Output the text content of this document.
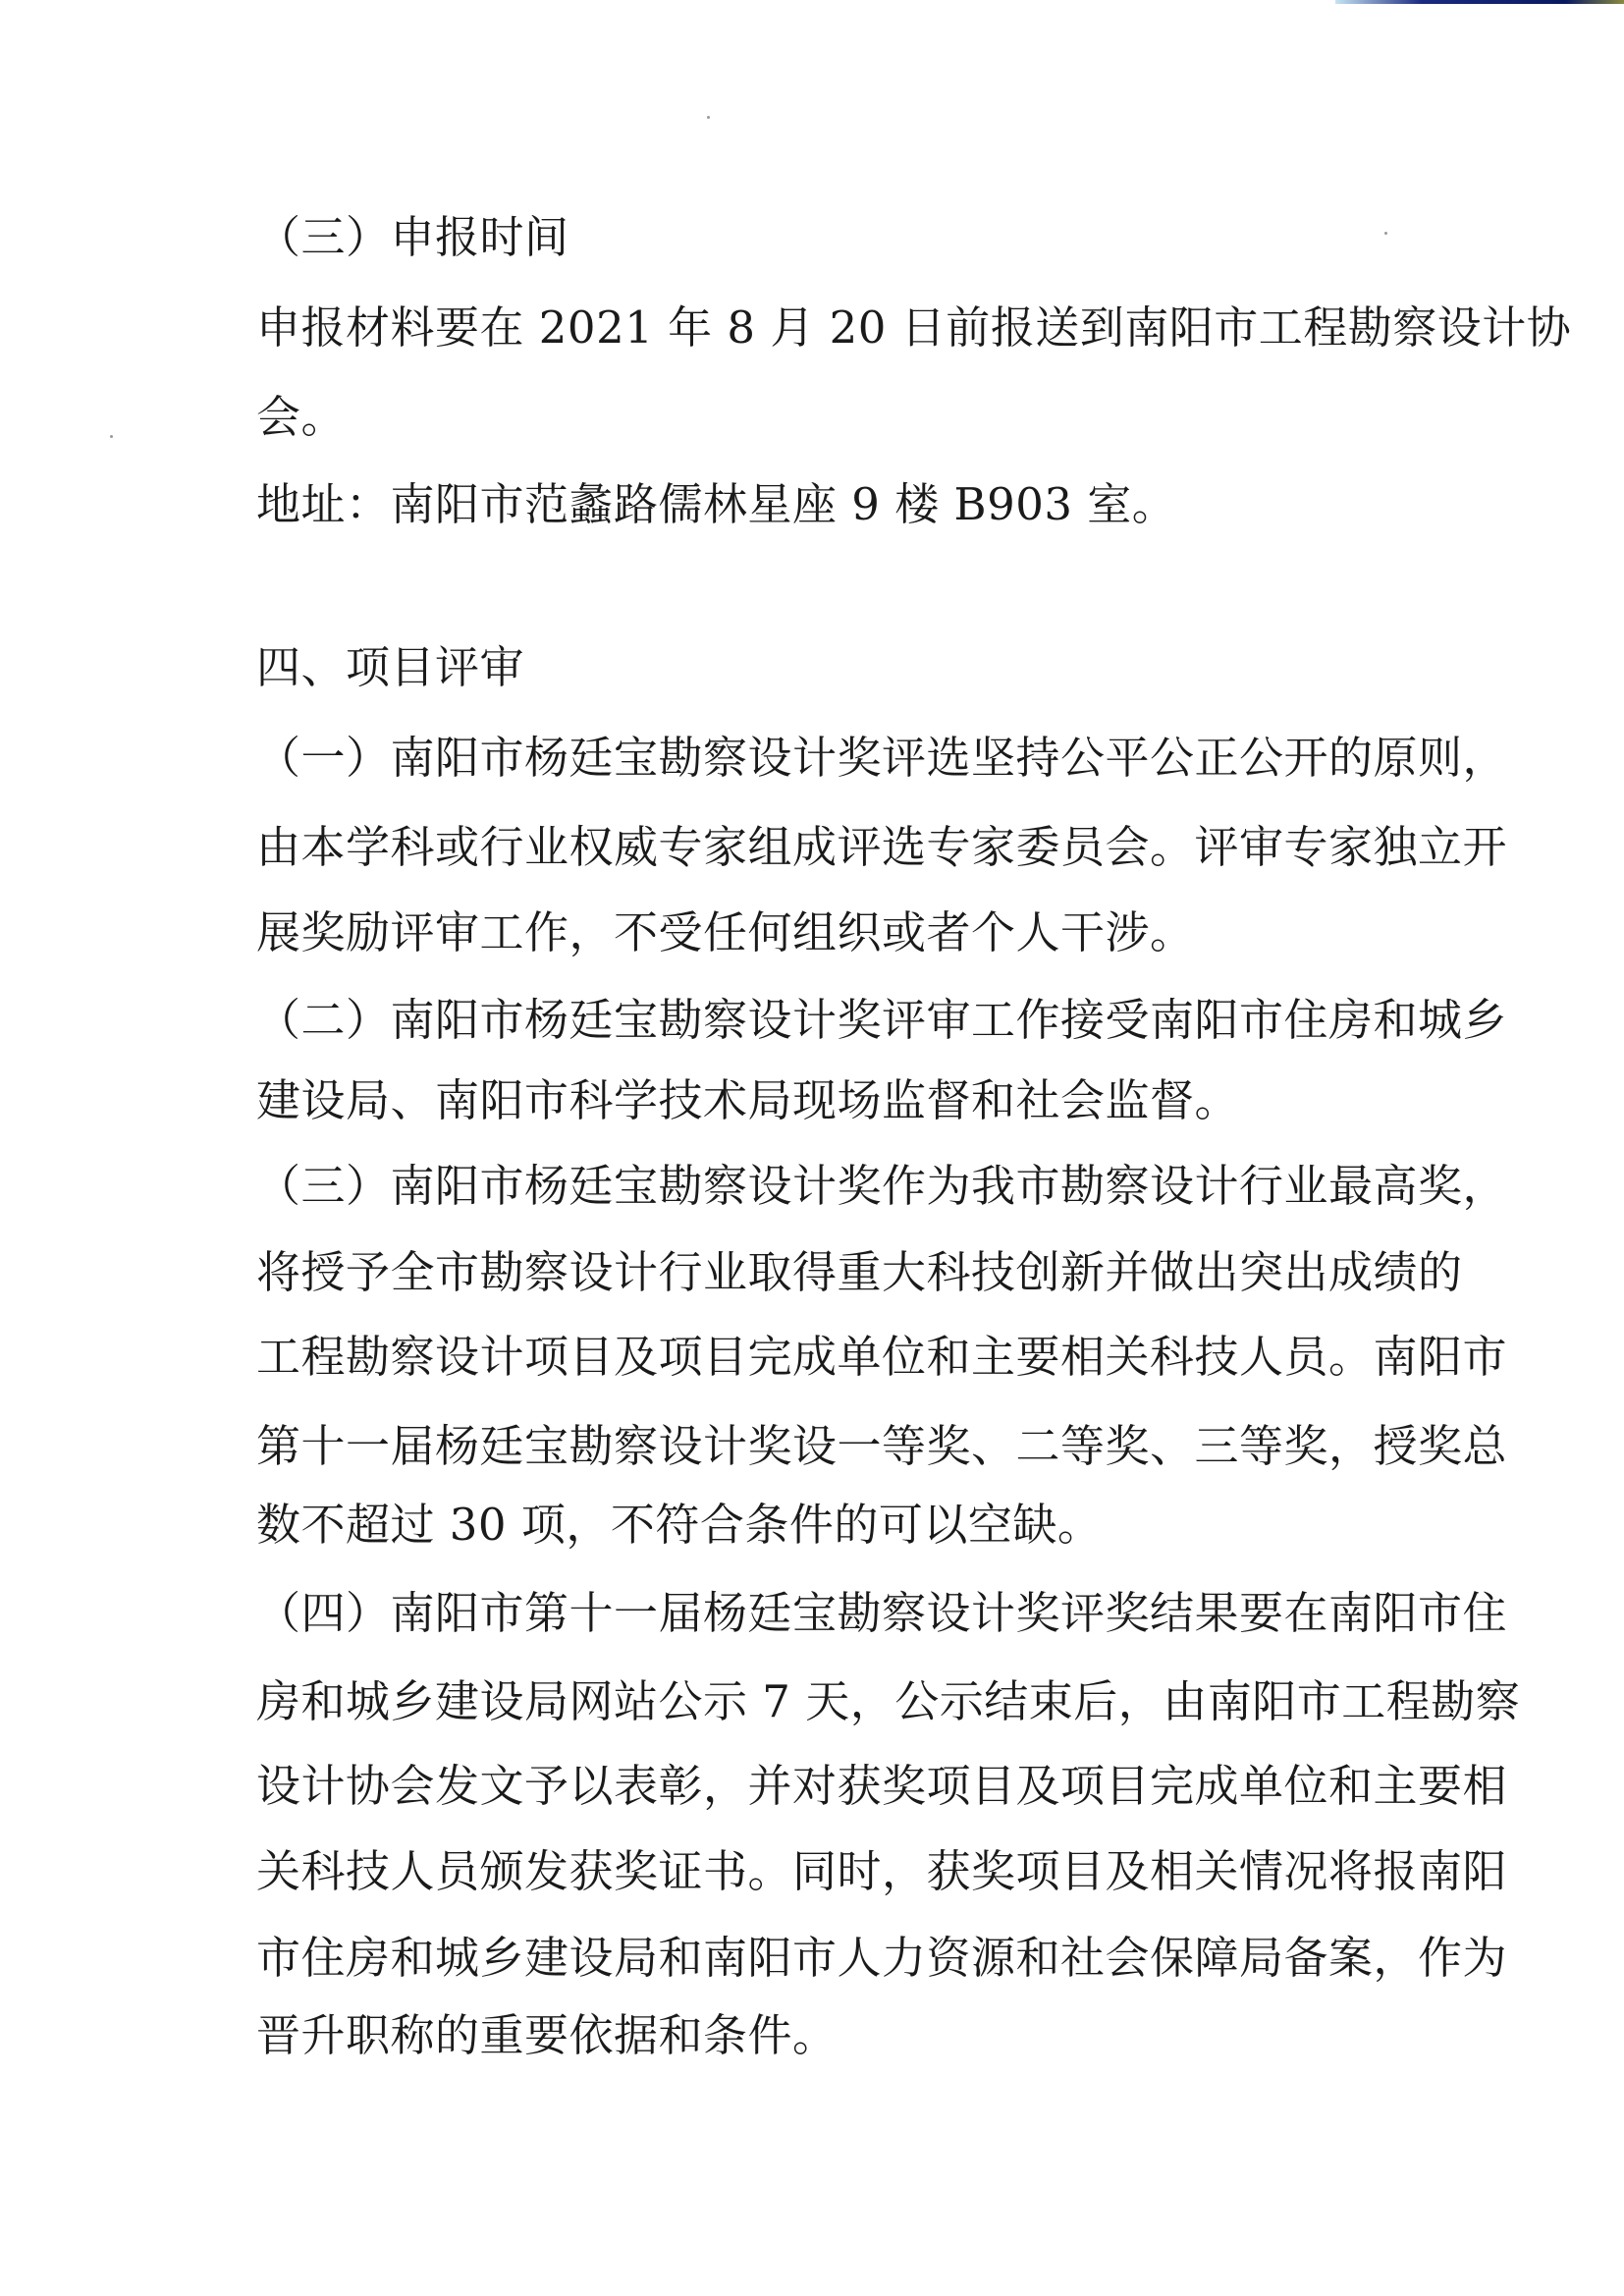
（三）申报时间
申报材料要在 2021 年 8 月 20 日前报送到南阳市工程勘察设计协
会。
地址：南阳市范蠡路儒林星座 9 楼 B903 室。
四、项目评审
（一）南阳市杨廷宝勘察设计奖评选坚持公平公正公开的原则，
由本学科或行业权威专家组成评选专家委员会。评审专家独立开
展奖励评审工作，不受任何组织或者个人干涉。
（二）南阳市杨廷宝勘察设计奖评审工作接受南阳市住房和城乡
建设局、南阳市科学技术局现场监督和社会监督。
（三）南阳市杨廷宝勘察设计奖作为我市勘察设计行业最高奖，
将授予全市勘察设计行业取得重大科技创新并做出突出成绩的
工程勘察设计项目及项目完成单位和主要相关科技人员。南阳市
第十一届杨廷宝勘察设计奖设一等奖、二等奖、三等奖，授奖总
数不超过 30 项，不符合条件的可以空缺。
（四）南阳市第十一届杨廷宝勘察设计奖评奖结果要在南阳市住
房和城乡建设局网站公示 7 天，公示结束后，由南阳市工程勘察
设计协会发文予以表彰，并对获奖项目及项目完成单位和主要相
关科技人员颁发获奖证书。同时，获奖项目及相关情况将报南阳
市住房和城乡建设局和南阳市人力资源和社会保障局备案，作为
晋升职称的重要依据和条件。
